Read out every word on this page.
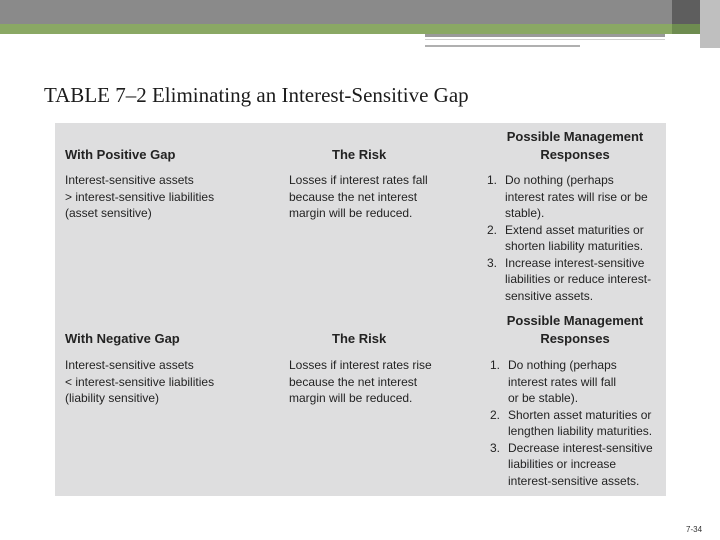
TABLE 7–2 Eliminating an Interest-Sensitive Gap

With Positive Gap	The Risk

Possible Management
Responses
Interest-sensitive assets
> interest-sensitive liabilities
(asset sensitive)
Losses if interest rates fall
because the net interest
margin will be reduced.
1. Do nothing (perhaps
interest rates will rise or be
stable).
2. Extend asset maturities or
shorten liability maturities.
3. Increase interest-sensitive
liabilities or reduce interest-
sensitive assets.

With Negative Gap	The Risk

Possible Management
Responses
Interest-sensitive assets
< interest-sensitive liabilities
(liability sensitive)
Losses if interest rates rise
because the net interest
margin will be reduced.
1. Do nothing (perhaps
interest rates will fall
or be stable).
2. Shorten asset maturities or
lengthen liability maturities.
3. Decrease interest-sensitive
liabilities or increase
interest-sensitive assets.
7-34
